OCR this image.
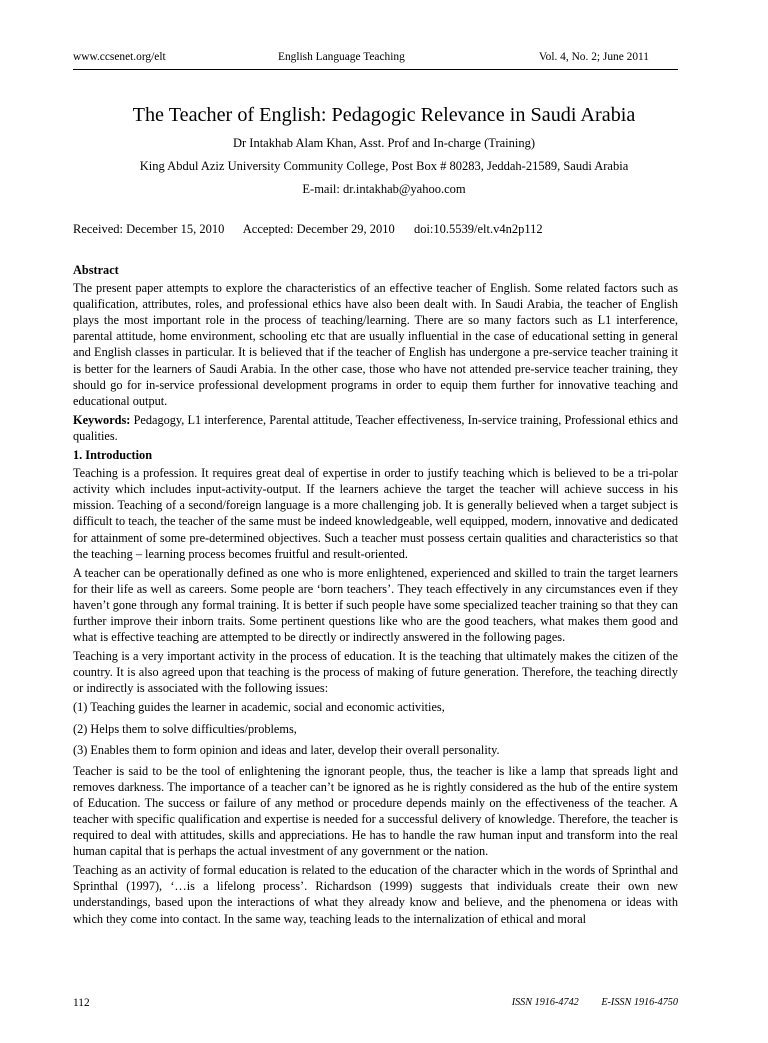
www.ccsenet.org/elt	English Language Teaching	Vol. 4, No. 2; June 2011
The Teacher of English: Pedagogic Relevance in Saudi Arabia
Dr Intakhab Alam Khan, Asst. Prof and In-charge (Training)
King Abdul Aziz University Community College, Post Box # 80283, Jeddah-21589, Saudi Arabia
E-mail: dr.intakhab@yahoo.com
Received: December 15, 2010 Accepted: December 29, 2010 doi:10.5539/elt.v4n2p112
Abstract

The present paper attempts to explore the characteristics of an effective teacher of English. Some related factors such as qualification, attributes, roles, and professional ethics have also been dealt with. In Saudi Arabia, the teacher of English plays the most important role in the process of teaching/learning. There are so many factors such as L1 interference, parental attitude, home environment, schooling etc that are usually influential in the case of educational setting in general and English classes in particular. It is believed that if the teacher of English has undergone a pre-service teacher training it is better for the learners of Saudi Arabia. In the other case, those who have not attended pre-service teacher training, they should go for in-service professional development programs in order to equip them further for innovative teaching and educational output.

Keywords: Pedagogy, L1 interference, Parental attitude, Teacher effectiveness, In-service training, Professional ethics and qualities.

1. Introduction

Teaching is a profession. It requires great deal of expertise in order to justify teaching which is believed to be a tri-polar activity which includes input-activity-output. If the learners achieve the target the teacher will achieve success in his mission. Teaching of a second/foreign language is a more challenging job. It is generally believed when a target subject is difficult to teach, the teacher of the same must be indeed knowledgeable, well equipped, modern, innovative and dedicated for attainment of some pre-determined objectives. Such a teacher must possess certain qualities and characteristics so that the teaching – learning process becomes fruitful and result-oriented.

A teacher can be operationally defined as one who is more enlightened, experienced and skilled to train the target learners for their life as well as careers. Some people are ‘born teachers’. They teach effectively in any circumstances even if they haven’t gone through any formal training. It is better if such people have some specialized teacher training so that they can further improve their inborn traits. Some pertinent questions like who are the good teachers, what makes them good and what is effective teaching are attempted to be directly or indirectly answered in the following pages.

Teaching is a very important activity in the process of education. It is the teaching that ultimately makes the citizen of the country. It is also agreed upon that teaching is the process of making of future generation. Therefore, the teaching directly or indirectly is associated with the following issues:

(1) Teaching guides the learner in academic, social and economic activities,

(2) Helps them to solve difficulties/problems,

(3) Enables them to form opinion and ideas and later, develop their overall personality.

Teacher is said to be the tool of enlightening the ignorant people, thus, the teacher is like a lamp that spreads light and removes darkness. The importance of a teacher can’t be ignored as he is rightly considered as the hub of the entire system of Education. The success or failure of any method or procedure depends mainly on the effectiveness of the teacher. A teacher with specific qualification and expertise is needed for a successful delivery of knowledge. Therefore, the teacher is required to deal with attitudes, skills and appreciations. He has to handle the raw human input and transform into the real human capital that is perhaps the actual investment of any government or the nation.

Teaching as an activity of formal education is related to the education of the character which in the words of Sprinthal and Sprinthal (1997), ‘…is a lifelong process’. Richardson (1999) suggests that individuals create their own new understandings, based upon the interactions of what they already know and believe, and the phenomena or ideas with which they come into contact. In the same way, teaching leads to the internalization of ethical and moral

112	ISSN 1916-4742 E-ISSN 1916-4750
